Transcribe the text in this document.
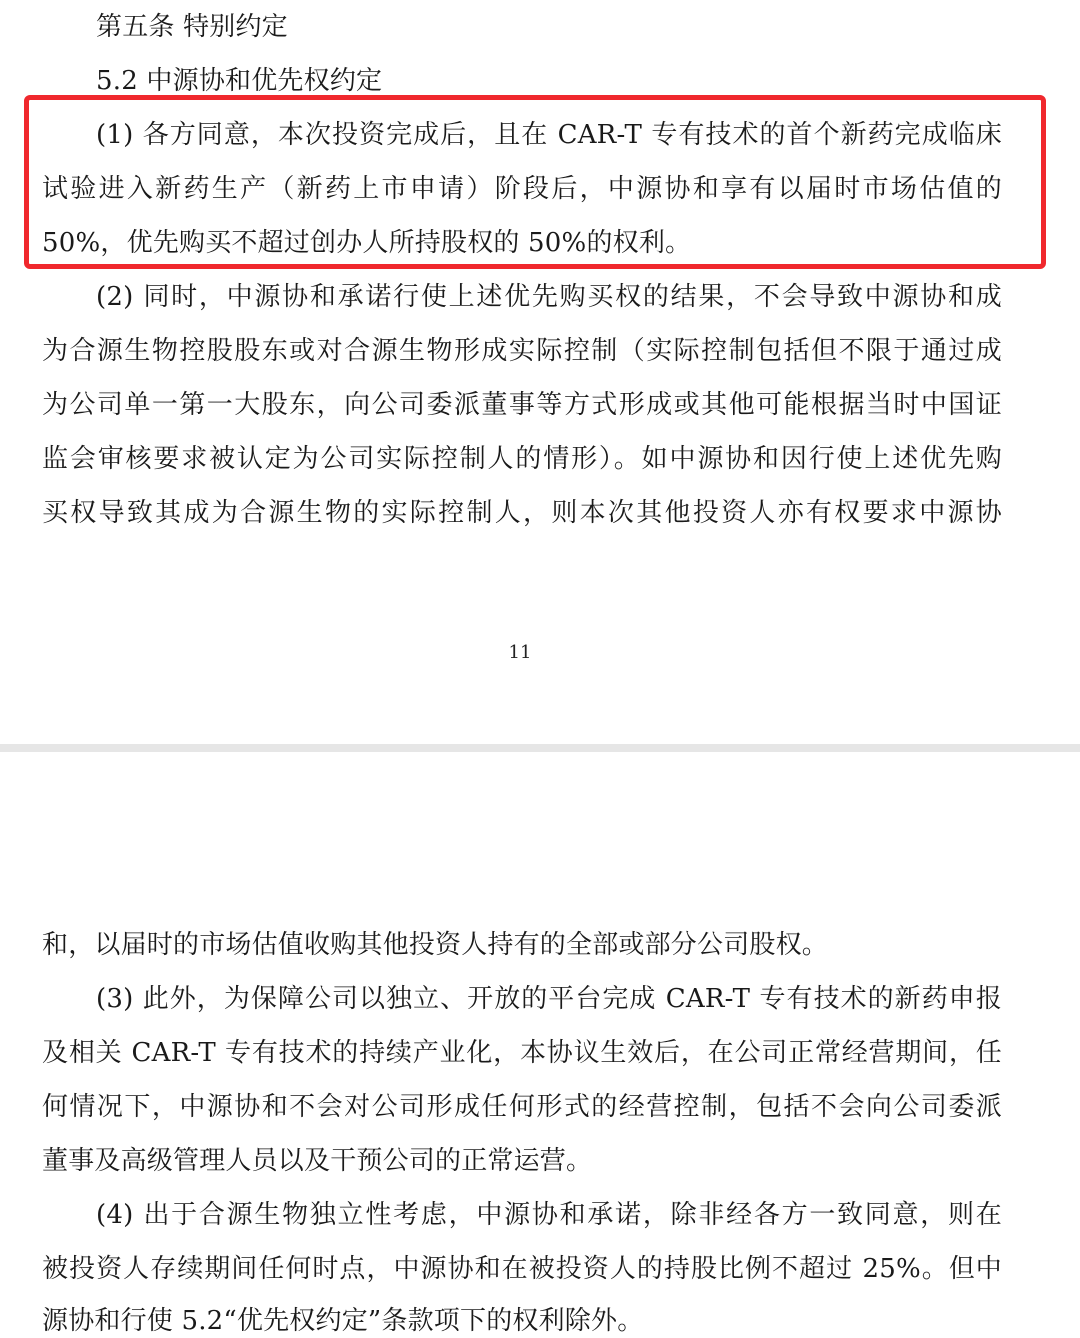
第五条 特别约定
5.2 中源协和优先权约定
(1) 各方同意，本次投资完成后，且在 CAR-T 专有技术的首个新药完成临床
试验进入新药生产（新药上市申请）阶段后，中源协和享有以届时市场估值的
50%，优先购买不超过创办人所持股权的 50%的权利。
(2) 同时，中源协和承诺行使上述优先购买权的结果，不会导致中源协和成
为合源生物控股股东或对合源生物形成实际控制（实际控制包括但不限于通过成
为公司单一第一大股东，向公司委派董事等方式形成或其他可能根据当时中国证
监会审核要求被认定为公司实际控制人的情形）。如中源协和因行使上述优先购
买权导致其成为合源生物的实际控制人，则本次其他投资人亦有权要求中源协
11
和，以届时的市场估值收购其他投资人持有的全部或部分公司股权。
(3) 此外，为保障公司以独立、开放的平台完成 CAR-T 专有技术的新药申报
及相关 CAR-T 专有技术的持续产业化，本协议生效后，在公司正常经营期间，任
何情况下，中源协和不会对公司形成任何形式的经营控制，包括不会向公司委派
董事及高级管理人员以及干预公司的正常运营。
(4) 出于合源生物独立性考虑，中源协和承诺，除非经各方一致同意，则在
被投资人存续期间任何时点，中源协和在被投资人的持股比例不超过 25%。但中
源协和行使 5.2“优先权约定”条款项下的权利除外。
